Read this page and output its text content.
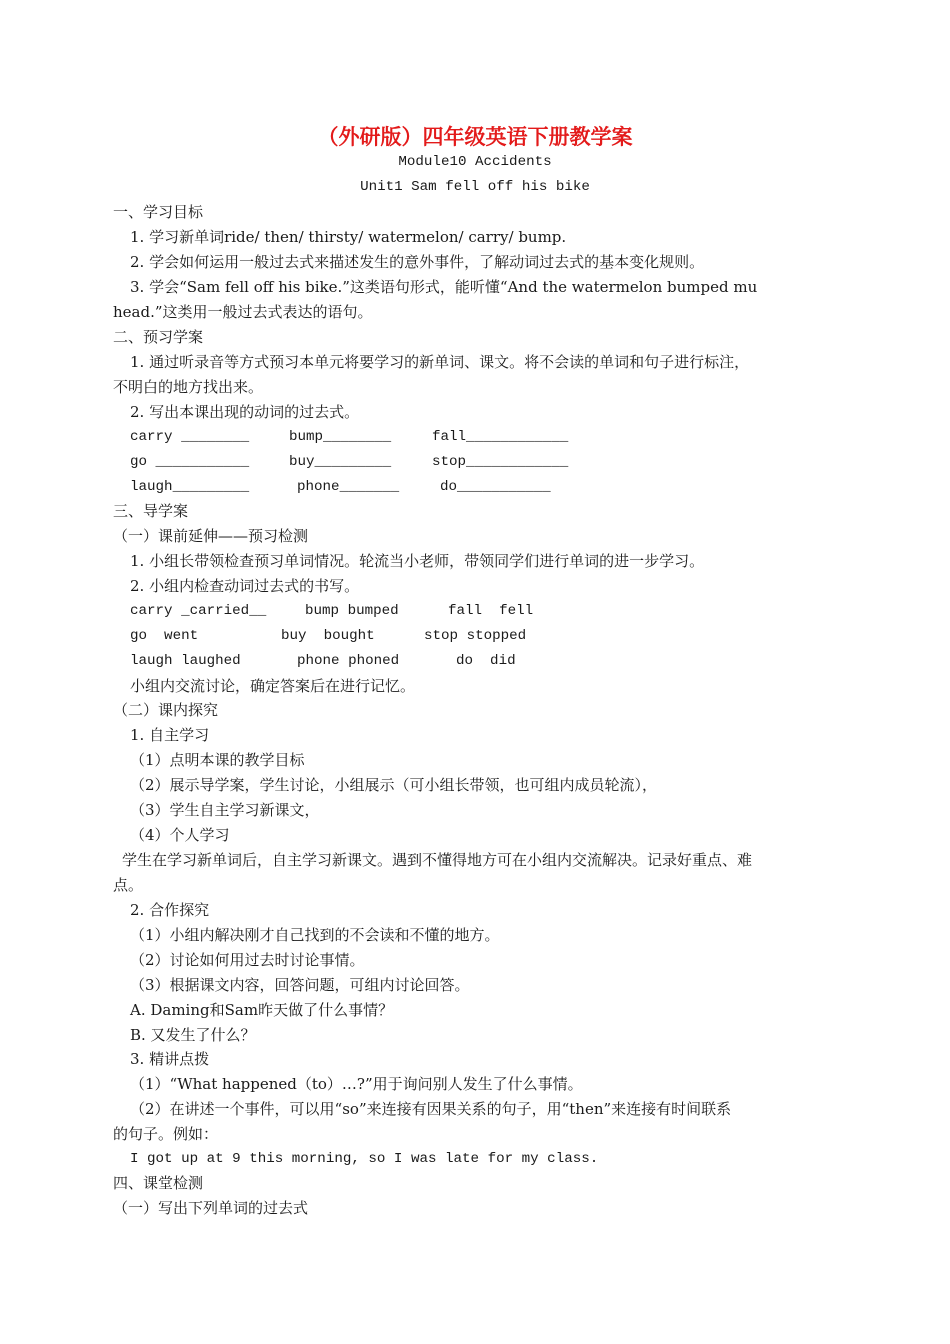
（外研版）四年级英语下册教学案
Module10 Accidents
Unit1 Sam fell off his bike
一、学习目标
1. 学习新单词ride/ then/ thirsty/ watermelon/ carry/ bump.
2. 学会如何运用一般过去式来描述发生的意外事件，了解动词过去式的基本变化规则。
3. 学会“Sam fell off his bike.”这类语句形式，能听懂“And the watermelon bumped mu
head.”这类用一般过去式表达的语句。
二、预习学案
1. 通过听录音等方式预习本单元将要学习的新单词、课文。将不会读的单词和句子进行标注，
不明白的地方找出来。
2. 写出本课出现的动词的过去式。
carry ________	bump________	fall____________
go ___________	buy_________	stop____________
laugh_________	phone_______	do___________
三、导学案
（一）课前延伸——预习检测
1. 小组长带领检查预习单词情况。轮流当小老师，带领同学们进行单词的进一步学习。
2. 小组内检查动词过去式的书写。
carry _carried__	bump bumped	fall  fell
go  went	buy  bought	stop stopped
laugh laughed	phone phoned	do  did
小组内交流讨论，确定答案后在进行记忆。
（二）课内探究
1. 自主学习
（1）点明本课的教学目标
（2）展示导学案，学生讨论，小组展示（可小组长带领，也可组内成员轮流），
（3）学生自主学习新课文，
（4）个人学习
学生在学习新单词后，自主学习新课文。遇到不懂得地方可在小组内交流解决。记录好重点、难
点。
2. 合作探究
（1）小组内解决刚才自己找到的不会读和不懂的地方。
（2）讨论如何用过去时讨论事情。
（3）根据课文内容，回答问题，可组内讨论回答。
A. Daming和Sam昨天做了什么事情？
B. 又发生了什么？
3. 精讲点拨
（1）“What happened（to）…?”用于询问别人发生了什么事情。
（2）在讲述一个事件，可以用“so”来连接有因果关系的句子，用“then”来连接有时间联系
的句子。例如：
I got up at 9 this morning, so I was late for my class.
四、课堂检测
（一）写出下列单词的过去式
